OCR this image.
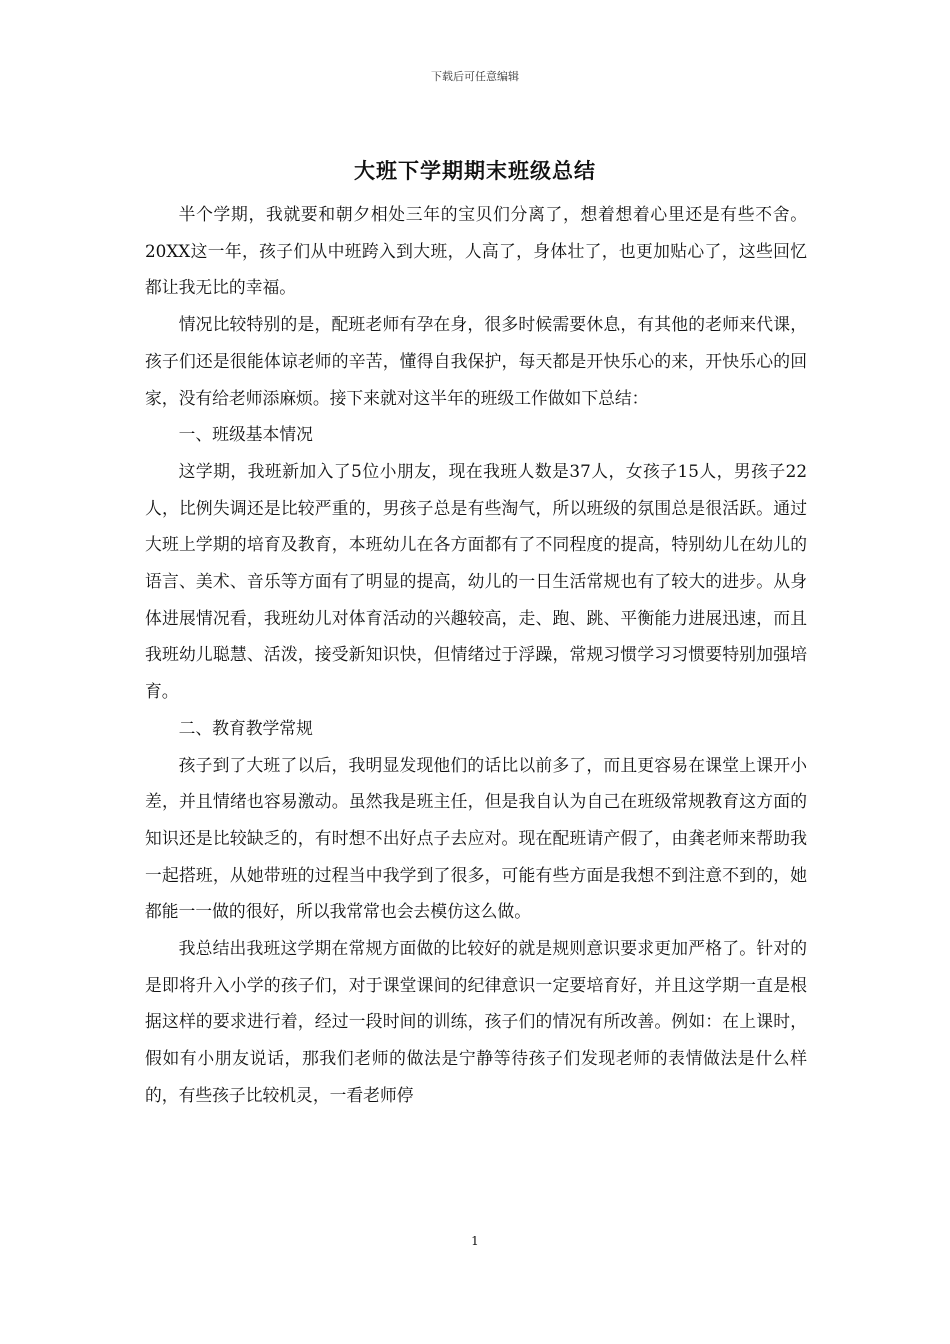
下载后可任意编辑
大班下学期期末班级总结

半个学期，我就要和朝夕相处三年的宝贝们分离了，想着想着心里还是有些不舍。20XX这一年，孩子们从中班跨入到大班，人高了，身体壮了，也更加贴心了，这些回忆都让我无比的幸福。

情况比较特别的是，配班老师有孕在身，很多时候需要休息，有其他的老师来代课，孩子们还是很能体谅老师的辛苦，懂得自我保护，每天都是开快乐心的来，开快乐心的回家，没有给老师添麻烦。接下来就对这半年的班级工作做如下总结：

一、班级基本情况

这学期，我班新加入了5位小朋友，现在我班人数是37人，女孩子15人，男孩子22人，比例失调还是比较严重的，男孩子总是有些淘气，所以班级的氛围总是很活跃。通过大班上学期的培育及教育，本班幼儿在各方面都有了不同程度的提高，特别幼儿在幼儿的语言、美术、音乐等方面有了明显的提高，幼儿的一日生活常规也有了较大的进步。从身体进展情况看，我班幼儿对体育活动的兴趣较高，走、跑、跳、平衡能力进展迅速，而且我班幼儿聪慧、活泼，接受新知识快，但情绪过于浮躁，常规习惯学习习惯要特别加强培育。

二、教育教学常规

孩子到了大班了以后，我明显发现他们的话比以前多了，而且更容易在课堂上课开小差，并且情绪也容易激动。虽然我是班主任，但是我自认为自己在班级常规教育这方面的知识还是比较缺乏的，有时想不出好点子去应对。现在配班请产假了，由龚老师来帮助我一起搭班，从她带班的过程当中我学到了很多，可能有些方面是我想不到注意不到的，她都能一一做的很好，所以我常常也会去模仿这么做。

我总结出我班这学期在常规方面做的比较好的就是规则意识要求更加严格了。针对的是即将升入小学的孩子们，对于课堂课间的纪律意识一定要培育好，并且这学期一直是根据这样的要求进行着，经过一段时间的训练，孩子们的情况有所改善。例如：在上课时，假如有小朋友说话，那我们老师的做法是宁静等待孩子们发现老师的表情做法是什么样的，有些孩子比较机灵，一看老师停

1
